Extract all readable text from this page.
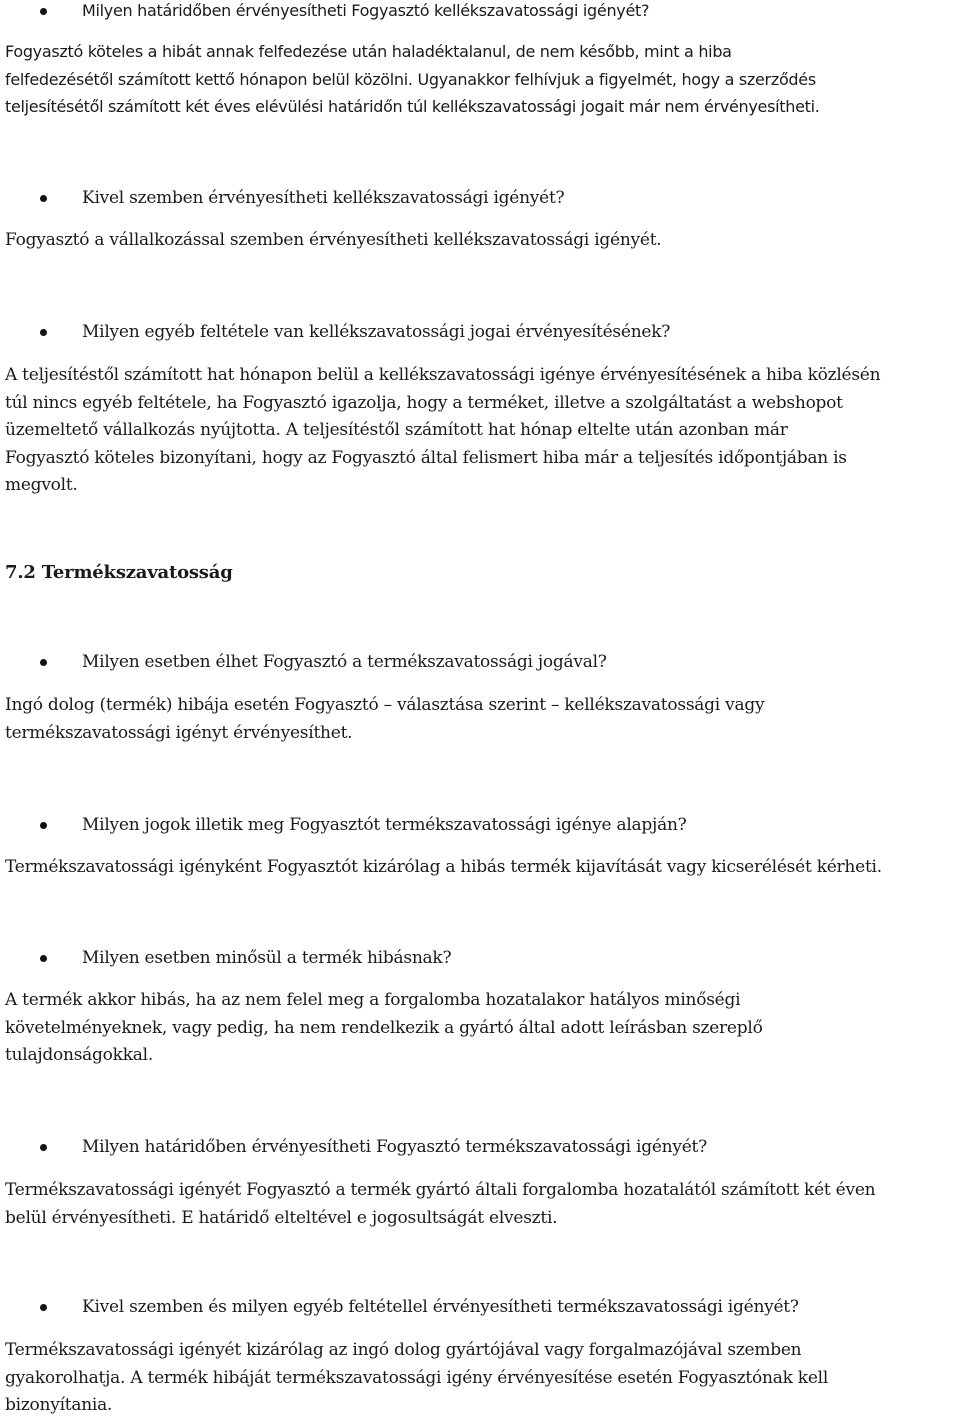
Milyen határidőben érvényesítheti Fogyasztó kellékszavatossági igényét?

Fogyasztó köteles a hibát annak felfedezése után haladéktalanul, de nem később, mint a hiba
felfedezésétől számított kettő hónapon belül közölni. Ugyanakkor felhívjuk a figyelmét, hogy a szerződés
teljesítésétől számított két éves elévülési határidőn túl kellékszavatossági jogait már nem érvényesítheti.

Kivel szemben érvényesítheti kellékszavatossági igényét?

Fogyasztó a vállalkozással szemben érvényesítheti kellékszavatossági igényét.

Milyen egyéb feltétele van kellékszavatossági jogai érvényesítésének?

A teljesítéstől számított hat hónapon belül a kellékszavatossági igénye érvényesítésének a hiba közlésén
túl nincs egyéb feltétele, ha Fogyasztó igazolja, hogy a terméket, illetve a szolgáltatást a webshopot
üzemeltető vállalkozás nyújtotta. A teljesítéstől számított hat hónap eltelte után azonban már
Fogyasztó köteles bizonyítani, hogy az Fogyasztó által felismert hiba már a teljesítés időpontjában is
megvolt.

7.2 Termékszavatosság
Milyen esetben élhet Fogyasztó a termékszavatossági jogával?

Ingó dolog (termék) hibája esetén Fogyasztó – választása szerint – kellékszavatossági vagy
termékszavatossági igényt érvényesíthet.

Milyen jogok illetik meg Fogyasztót termékszavatossági igénye alapján?

Termékszavatossági igényként Fogyasztót kizárólag a hibás termék kijavítását vagy kicserélését kérheti.

Milyen esetben minősül a termék hibásnak?

A termék akkor hibás, ha az nem felel meg a forgalomba hozatalakor hatályos minőségi
követelményeknek, vagy pedig, ha nem rendelkezik a gyártó által adott leírásban szereplő
tulajdonságokkal.

Milyen határidőben érvényesítheti Fogyasztó termékszavatossági igényét?

Termékszavatossági igényét Fogyasztó a termék gyártó általi forgalomba hozatalától számított két éven
belül érvényesítheti. E határidő elteltével e jogosultságát elveszti.

Kivel szemben és milyen egyéb feltétellel érvényesítheti termékszavatossági igényét?

Termékszavatossági igényét kizárólag az ingó dolog gyártójával vagy forgalmazójával szemben
gyakorolhatja. A termék hibáját termékszavatossági igény érvényesítése esetén Fogyasztónak kell
bizonyítania.
